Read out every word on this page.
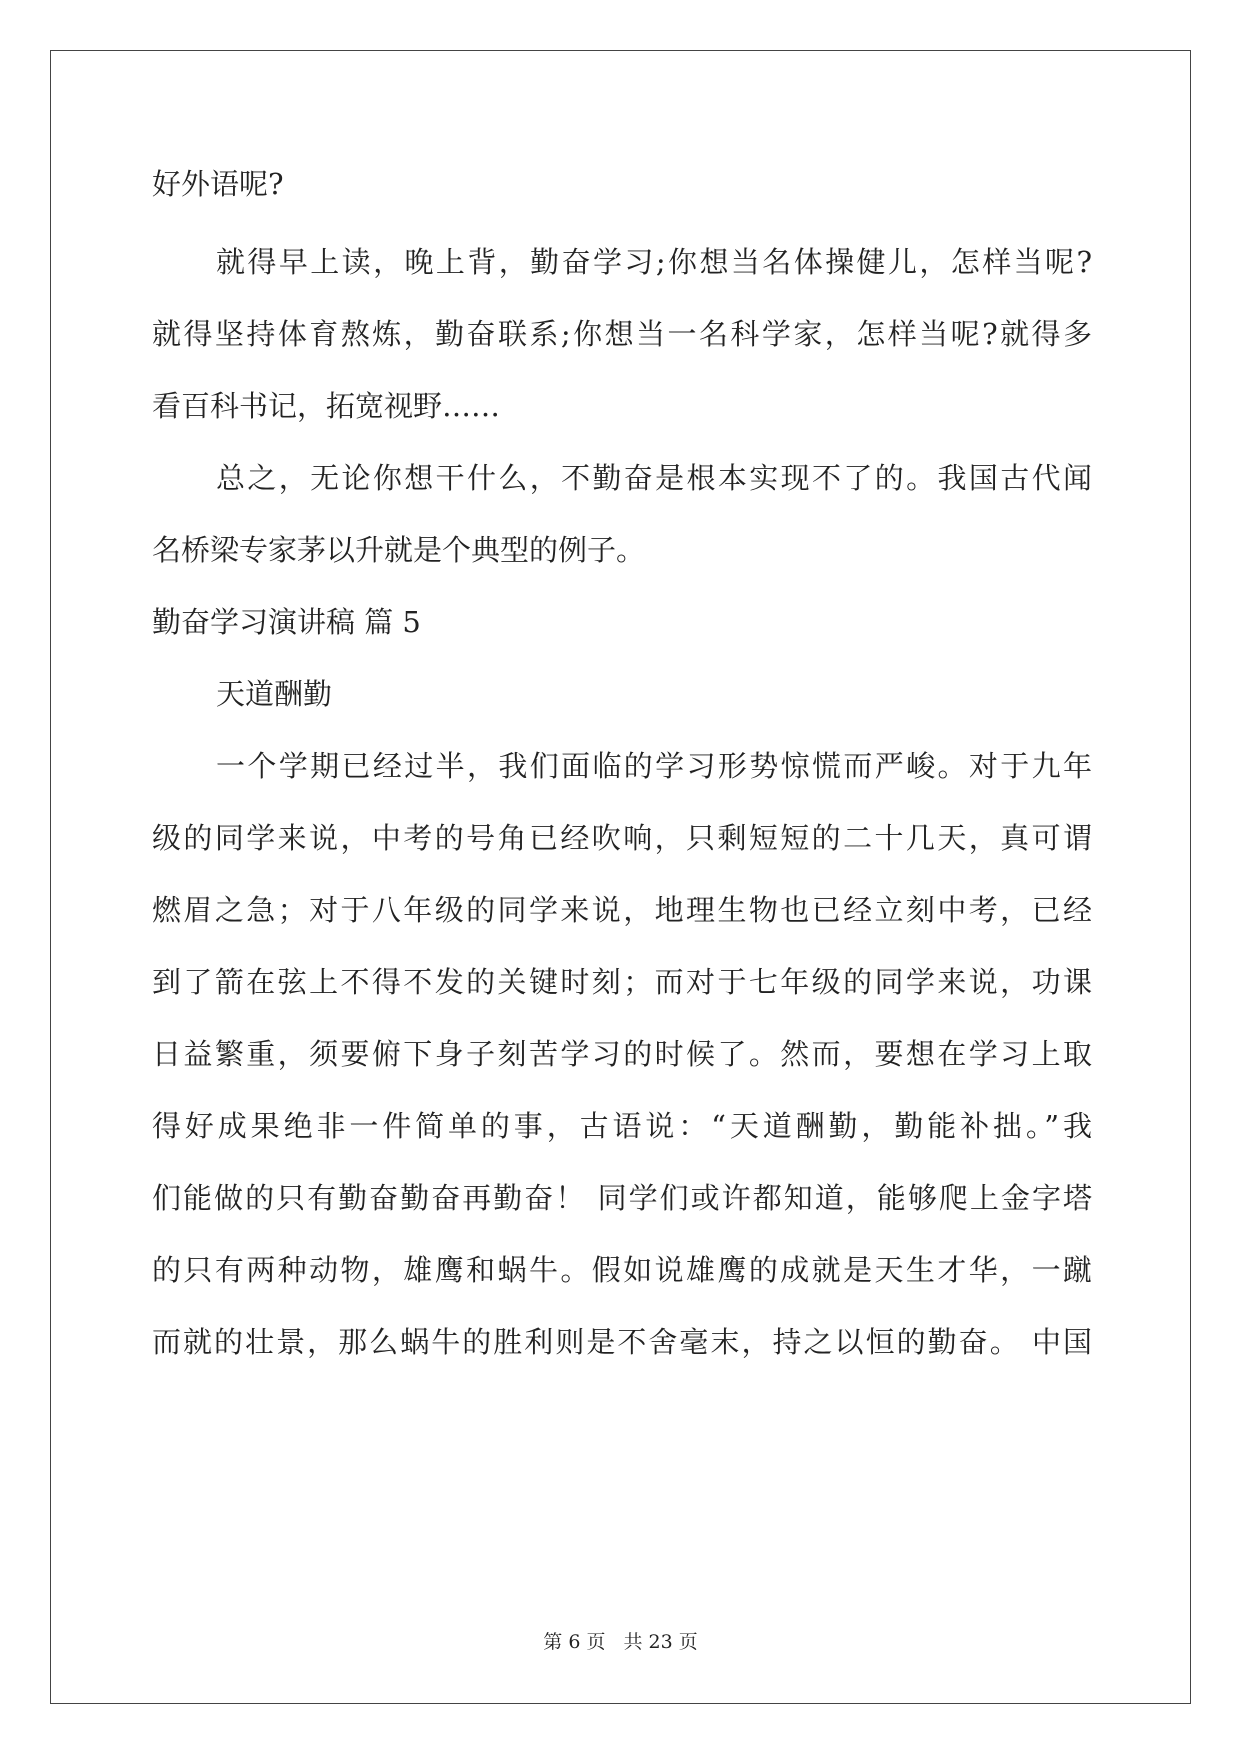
好外语呢?
就得早上读，晚上背，勤奋学习;你想当名体操健儿，怎样当呢?
就得坚持体育熬炼，勤奋联系;你想当一名科学家，怎样当呢?就得多
看百科书记，拓宽视野……
总之，无论你想干什么，不勤奋是根本实现不了的。我国古代闻
名桥梁专家茅以升就是个典型的例子。
勤奋学习演讲稿 篇 5
天道酬勤
一个学期已经过半，我们面临的学习形势惊慌而严峻。对于九年
级的同学来说，中考的号角已经吹响，只剩短短的二十几天，真可谓
燃眉之急；对于八年级的同学来说，地理生物也已经立刻中考，已经
到了箭在弦上不得不发的关键时刻；而对于七年级的同学来说，功课
日益繁重，须要俯下身子刻苦学习的时候了。然而，要想在学习上取
得好成果绝非一件简单的事，古语说：“天道酬勤，勤能补拙。”我
们能做的只有勤奋勤奋再勤奋！ 同学们或许都知道，能够爬上金字塔
的只有两种动物，雄鹰和蜗牛。假如说雄鹰的成就是天生才华，一蹴
而就的壮景，那么蜗牛的胜利则是不舍毫末，持之以恒的勤奋。 中国
第 6 页 共 23 页
